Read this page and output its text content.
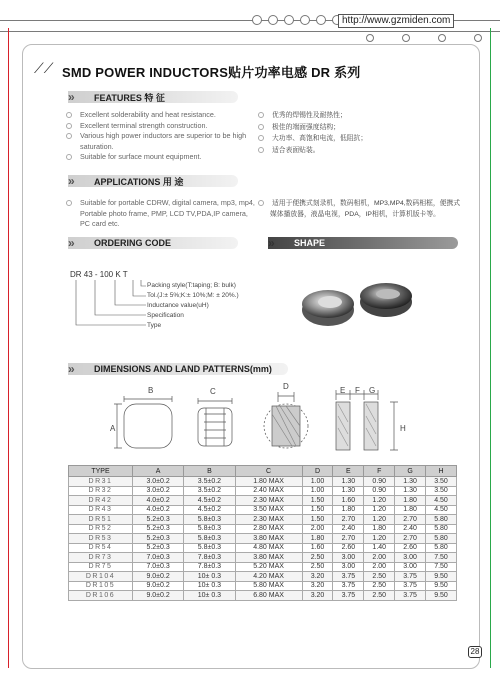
http://www.gzmiden.com
⟋⟋ SMD POWER INDUCTORS贴片功率电感 DR 系列
»	FEATURES 特 征
Excellent solderability and heat resistance.
Excellent terminal strength construction.
Various high power inductors are superior to be high saturation.
Suitable for surface mount equipment.
优秀的焊锡性及耐热性；
极佳的端面强度结构；
大功率、高饱和电流，低阻抗；
适合表面贴装。
»	APPLICATIONS 用 途
Suitable for portable CDRW, digital camera, mp3, mp4, Portable photo frame, PMP, LCD TV,PDA,IP camera, PC card etc.
适用于便携式刻录机，数码相机，MP3,MP4,数码相框，便携式媒体播放器，液晶电视，PDA，IP相机，计算机版卡等。
»	ORDERING CODE	»	SHAPE
DR 43 - 100 K T
Packing style(T:taping; B: bulk)
Tol.(J:± 5%;K:± 10%;M: ± 20%.)
Inductance value(uH)
Specification
Type
»	DIMENSIONS AND LAND PATTERNS(mm)
B
A
C
D	E F G
H
TYPE	A	B	C	D	E	F	G	H
DR31	3.0±0.2	3.5±0.2	1.80 MAX	1.00	1.30	0.90	1.30	3.50
DR32	3.0±0.2	3.5±0.2	2.40 MAX	1.00	1.30	0.90	1.30	3.50
DR42	4.0±0.2	4.5±0.2	2.30 MAX	1.50	1.60	1.20	1.80	4.50
DR43	4.0±0.2	4.5±0.2	3.50 MAX	1.50	1.80	1.20	1.80	4.50
DR51	5.2±0.3	5.8±0.3	2.30 MAX	1.50	2.70	1.20	2.70	5.80
DR52	5.2±0.3	5.8±0.3	2.80 MAX	2.00	2.40	1.80	2.40	5.80
DR53	5.2±0.3	5.8±0.3	3.80 MAX	1.80	2.70	1.20	2.70	5.80
DR54	5.2±0.3	5.8±0.3	4.80 MAX	1.60	2.60	1.40	2.60	5.80
DR73	7.0±0.3	7.8±0.3	3.80 MAX	2.50	3.00	2.00	3.00	7.50
DR75	7.0±0.3	7.8±0.3	5.20 MAX	2.50	3.00	2.00	3.00	7.50
DR104	9.0±0.2	10± 0.3	4.20 MAX	3.20	3.75	2.50	3.75	9.50
DR105	9.0±0.2	10± 0.3	5.80 MAX	3.20	3.75	2.50	3.75	9.50
DR106	9.0±0.2	10± 0.3	6.80 MAX	3.20	3.75	2.50	3.75	9.50
28
